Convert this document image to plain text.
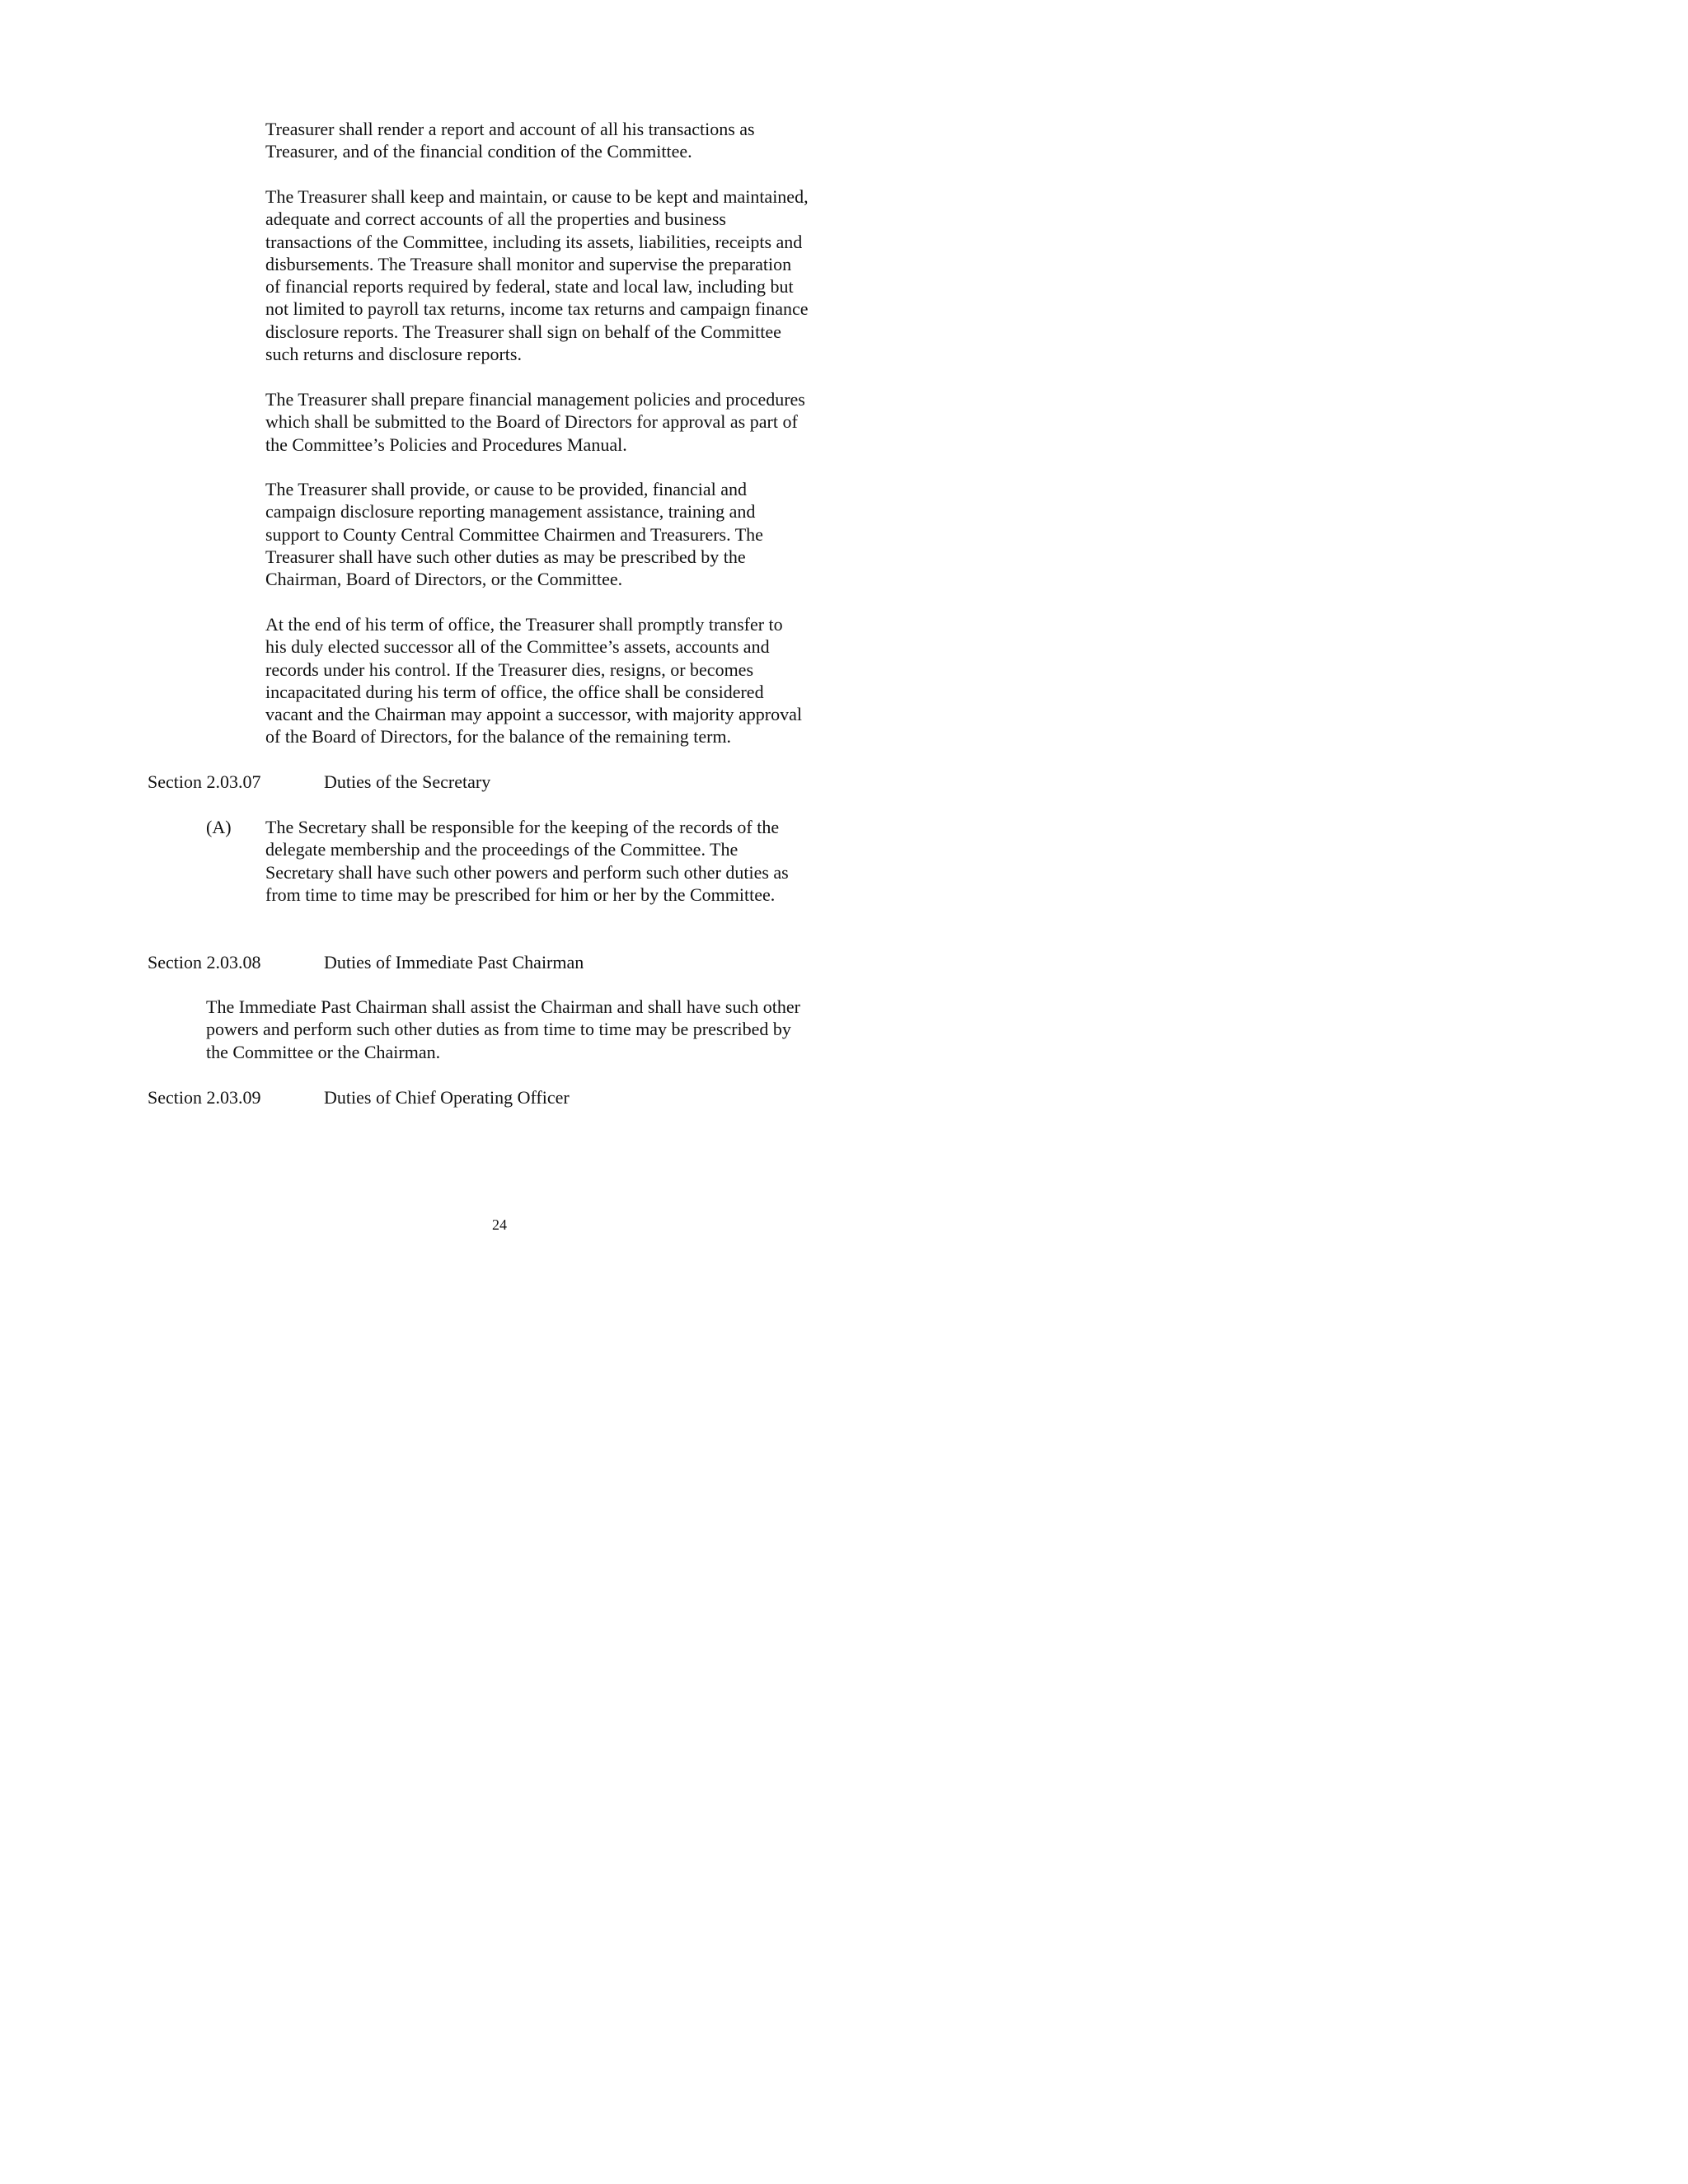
Treasurer shall render a report and account of all his transactions as
Treasurer, and of the financial condition of the Committee.

The Treasurer shall keep and maintain, or cause to be kept and maintained,
adequate and correct accounts of all the properties and business
transactions of the Committee, including its assets, liabilities, receipts and
disbursements. The Treasure shall monitor and supervise the preparation
of financial reports required by federal, state and local law, including but
not limited to payroll tax returns, income tax returns and campaign finance
disclosure reports. The Treasurer shall sign on behalf of the Committee
such returns and disclosure reports.

The Treasurer shall prepare financial management policies and procedures
which shall be submitted to the Board of Directors for approval as part of
the Committee’s Policies and Procedures Manual.

The Treasurer shall provide, or cause to be provided, financial and
campaign disclosure reporting management assistance, training and
support to County Central Committee Chairmen and Treasurers. The
Treasurer shall have such other duties as may be prescribed by the
Chairman, Board of Directors, or the Committee.

At the end of his term of office, the Treasurer shall promptly transfer to
his duly elected successor all of the Committee’s assets, accounts and
records under his control. If the Treasurer dies, resigns, or becomes
incapacitated during his term of office, the office shall be considered
vacant and the Chairman may appoint a successor, with majority approval
of the Board of Directors, for the balance of the remaining term.

Section 2.03.07	Duties of the Secretary
(A) The Secretary shall be responsible for the keeping of the records of the
delegate membership and the proceedings of the Committee. The
Secretary shall have such other powers and perform such other duties as
from time to time may be prescribed for him or her by the Committee.

Section 2.03.08	Duties of Immediate Past Chairman

The Immediate Past Chairman shall assist the Chairman and shall have such other
powers and perform such other duties as from time to time may be prescribed by
the Committee or the Chairman.

Section 2.03.09	Duties of Chief Operating Officer
24
